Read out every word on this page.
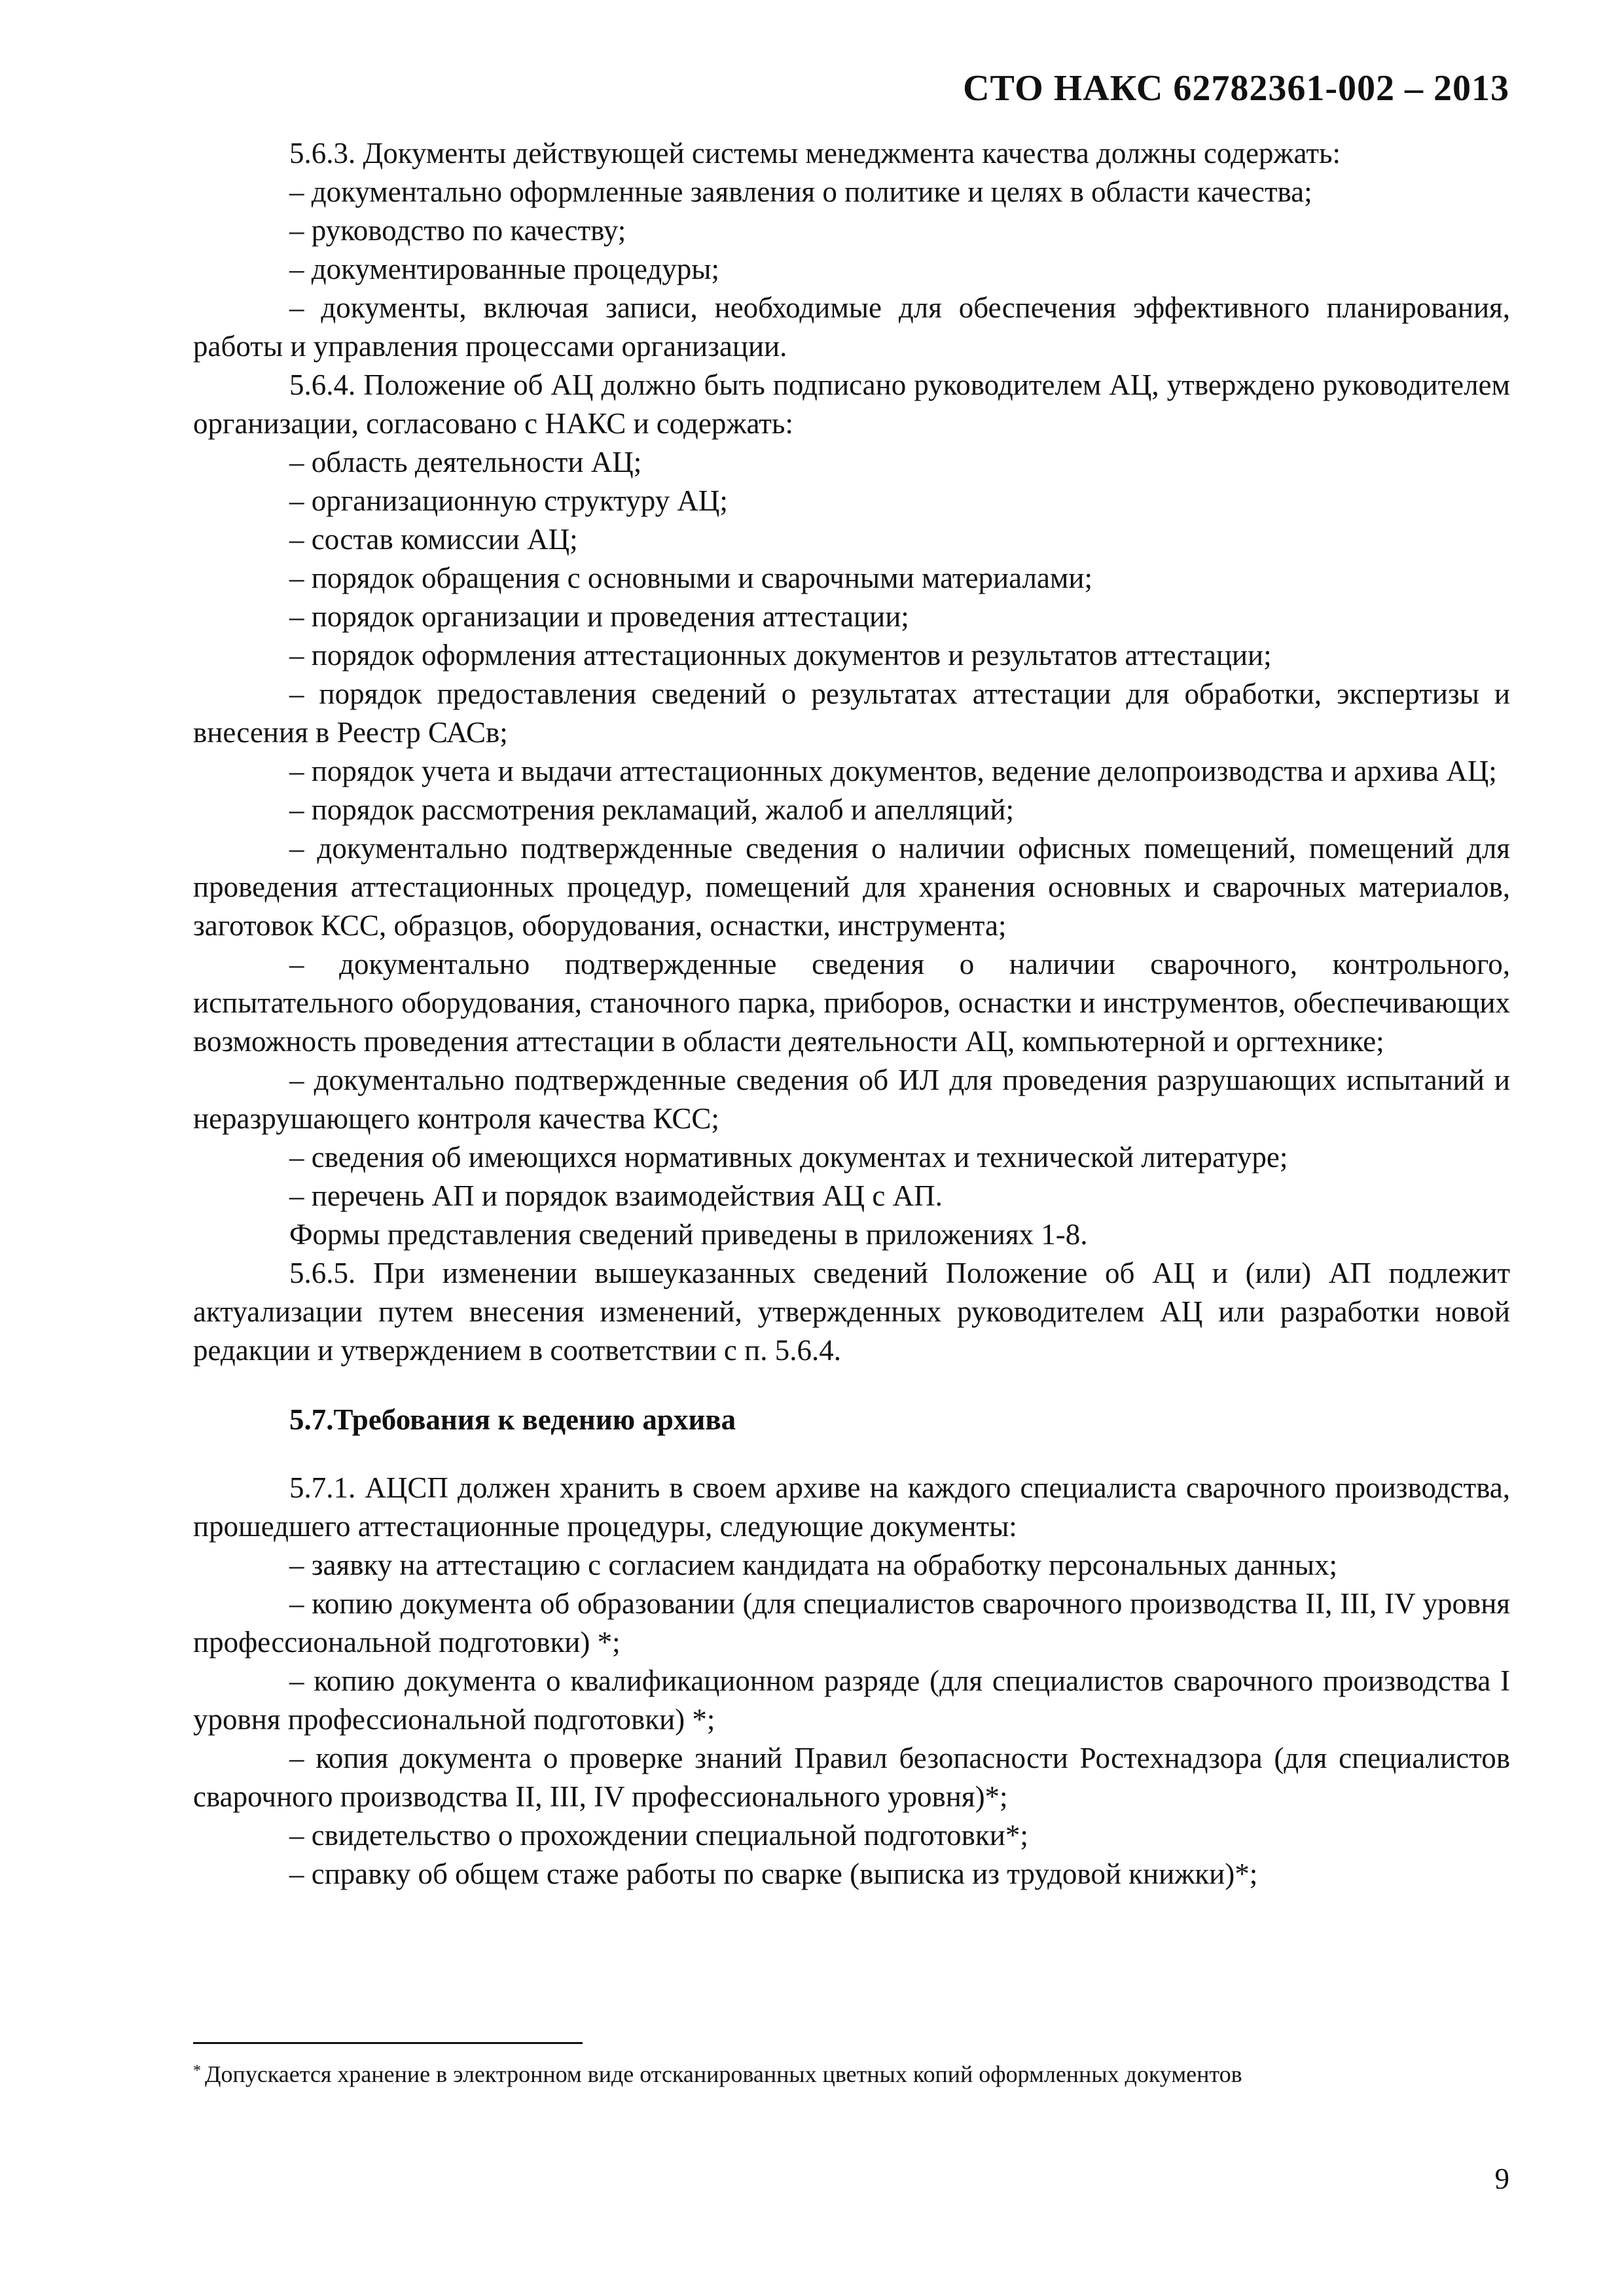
СТО НАКС 62782361-002 – 2013

5.6.3. Документы действующей системы менеджмента качества должны содержать:

– документально оформленные заявления о политике и целях в области качества;

– руководство по качеству;

– документированные процедуры;

– документы, включая записи, необходимые для обеспечения эффективного планирования, работы и управления процессами организации.

5.6.4. Положение об АЦ должно быть подписано руководителем АЦ, утверждено руководителем организации, согласовано с НАКС и содержать:

– область деятельности АЦ;

– организационную структуру АЦ;

– состав комиссии АЦ;

– порядок обращения с основными и сварочными материалами;

– порядок организации и проведения аттестации;

– порядок оформления аттестационных документов и результатов аттестации;

– порядок предоставления сведений о результатах аттестации для обработки, экспертизы и внесения в Реестр САСв;

– порядок учета и выдачи аттестационных документов, ведение делопроизводства и архива АЦ;

– порядок рассмотрения рекламаций, жалоб и апелляций;

– документально подтвержденные сведения о наличии офисных помещений, помещений для проведения аттестационных процедур, помещений для хранения основных и сварочных материалов, заготовок КСС, образцов, оборудования, оснастки, инструмента;

– документально подтвержденные сведения о наличии сварочного, контрольного, испытательного оборудования, станочного парка, приборов, оснастки и инструментов, обеспечивающих возможность проведения аттестации в области деятельности АЦ, компьютерной и оргтехнике;

– документально подтвержденные сведения об ИЛ для проведения разрушающих испытаний и неразрушающего контроля качества КСС;

– сведения об имеющихся нормативных документах и технической литературе;

– перечень АП и порядок взаимодействия АЦ с АП.

Формы представления сведений приведены в приложениях 1-8.

5.6.5. При изменении вышеуказанных сведений Положение об АЦ и (или) АП подлежит актуализации путем внесения изменений, утвержденных руководителем АЦ или разработки новой редакции и утверждением в соответствии с п. 5.6.4.

5.7.Требования к ведению архива

5.7.1. АЦСП должен хранить в своем архиве на каждого специалиста сварочного производства, прошедшего аттестационные процедуры, следующие документы:

– заявку на аттестацию с согласием кандидата на обработку персональных данных;

– копию документа об образовании (для специалистов сварочного производства II, III, IV уровня профессиональной подготовки) *;

– копию документа о квалификационном разряде (для специалистов сварочного производства I уровня профессиональной подготовки) *;

– копия документа о проверке знаний Правил безопасности Ростехнадзора (для специалистов сварочного производства II, III, IV профессионального уровня)*;

– свидетельство о прохождении специальной подготовки*;

– справку об общем стаже работы по сварке (выписка из трудовой книжки)*;

* Допускается хранение в электронном виде отсканированных цветных копий оформленных документов
9
